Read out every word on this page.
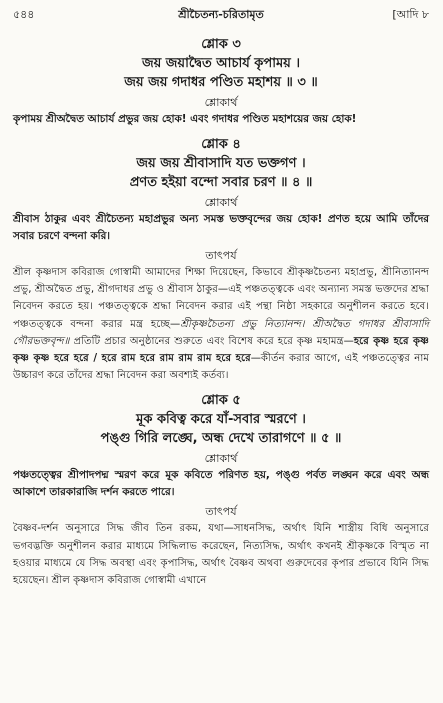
৫৪৪	শ্রীচৈতন্য-চরিতামৃত	[আদি ৮
শ্লোক ৩
জয় জয়াদ্বৈত আচার্য কৃপাময় ।
জয় জয় গদাধর পণ্ডিত মহাশয় ॥ ৩ ॥
শ্লোকার্থ
কৃপাময় শ্রীঅদ্বৈত আচার্য প্রভুর জয় হোক! এবং গদাধর পণ্ডিত মহাশয়ের জয় হোক!
শ্লোক ৪
জয় জয় শ্রীবাসাদি যত ভক্তগণ ।
প্রণত হইয়া বন্দো সবার চরণ ॥ ৪ ॥
শ্লোকার্থ
শ্রীবাস ঠাকুর এবং শ্রীচৈতন্য মহাপ্রভুর অন্য সমস্ত ভক্তবৃন্দের জয় হোক! প্রণত হয়ে আমি তাঁদের সবার চরণে বন্দনা করি।
তাৎপর্য
শ্রীল কৃষ্ণদাস কবিরাজ গোস্বামী আমাদের শিক্ষা দিয়েছেন, কিভাবে শ্রীকৃষ্ণচৈতন্য মহাপ্রভু, শ্রীনিত্যানন্দ প্রভু, শ্রীঅদ্বৈত প্রভু, শ্রীগদাধর প্রভু ও শ্রীবাস ঠাকুর—এই পঞ্চতত্ত্বকে এবং অন্যান্য সমস্ত ভক্তদের শ্রদ্ধা নিবেদন করতে হয়। পঞ্চতত্ত্বকে শ্রদ্ধা নিবেদন করার এই পন্থা নিষ্ঠা সহকারে অনুশীলন করতে হবে। পঞ্চতত্ত্বকে বন্দনা করার মন্ত্র হচ্ছে—শ্রীকৃষ্ণচৈতন্য প্রভু নিত্যানন্দ। শ্রীঅদ্বৈত গদাধর শ্রীবাসাদি গৌরভক্তবৃন্দ॥ প্রতিটি প্রচার অনুষ্ঠানের শুরুতে এবং বিশেষ করে হরে কৃষ্ণ মহামন্ত্র—হরে কৃষ্ণ হরে কৃষ্ণ কৃষ্ণ কৃষ্ণ হরে হরে / হরে রাম হরে রাম রাম রাম হরে হরে—কীর্তন করার আগে, এই পঞ্চতত্ত্বের নাম উচ্চারণ করে তাঁদের শ্রদ্ধা নিবেদন করা অবশ্যই কর্তব্য।
শ্লোক ৫
মূক কবিত্ব করে যাঁ-সবার স্মরণে ।
পঙ্গু গিরি লঙ্ঘে, অন্ধ দেখে তারাগণে ॥ ৫ ॥
শ্লোকার্থ
পঞ্চতত্ত্বের শ্রীপাদপদ্ম স্মরণ করে মূক কবিতে পরিণত হয়, পঙ্গু পর্বত লঙ্ঘন করে এবং অন্ধ আকাশে তারকারাজি দর্শন করতে পারে।
তাৎপর্য
বৈষ্ণব-দর্শন অনুসারে সিদ্ধ জীব তিন রকম, যথা—সাধনসিদ্ধ, অর্থাৎ যিনি শাস্ত্রীয় বিধি অনুসারে ভগবদ্ভক্তি অনুশীলন করার মাধ্যমে সিদ্ধিলাভ করেছেন, নিত্যসিদ্ধ, অর্থাৎ কখনই শ্রীকৃষ্ণকে বিস্মৃত না হওয়ার মাধ্যমে যে সিদ্ধ অবস্থা এবং কৃপাসিদ্ধ, অর্থাৎ বৈষ্ণব অথবা গুরুদেবের কৃপার প্রভাবে যিনি সিদ্ধ হয়েছেন। শ্রীল কৃষ্ণদাস কবিরাজ গোস্বামী এখানে
